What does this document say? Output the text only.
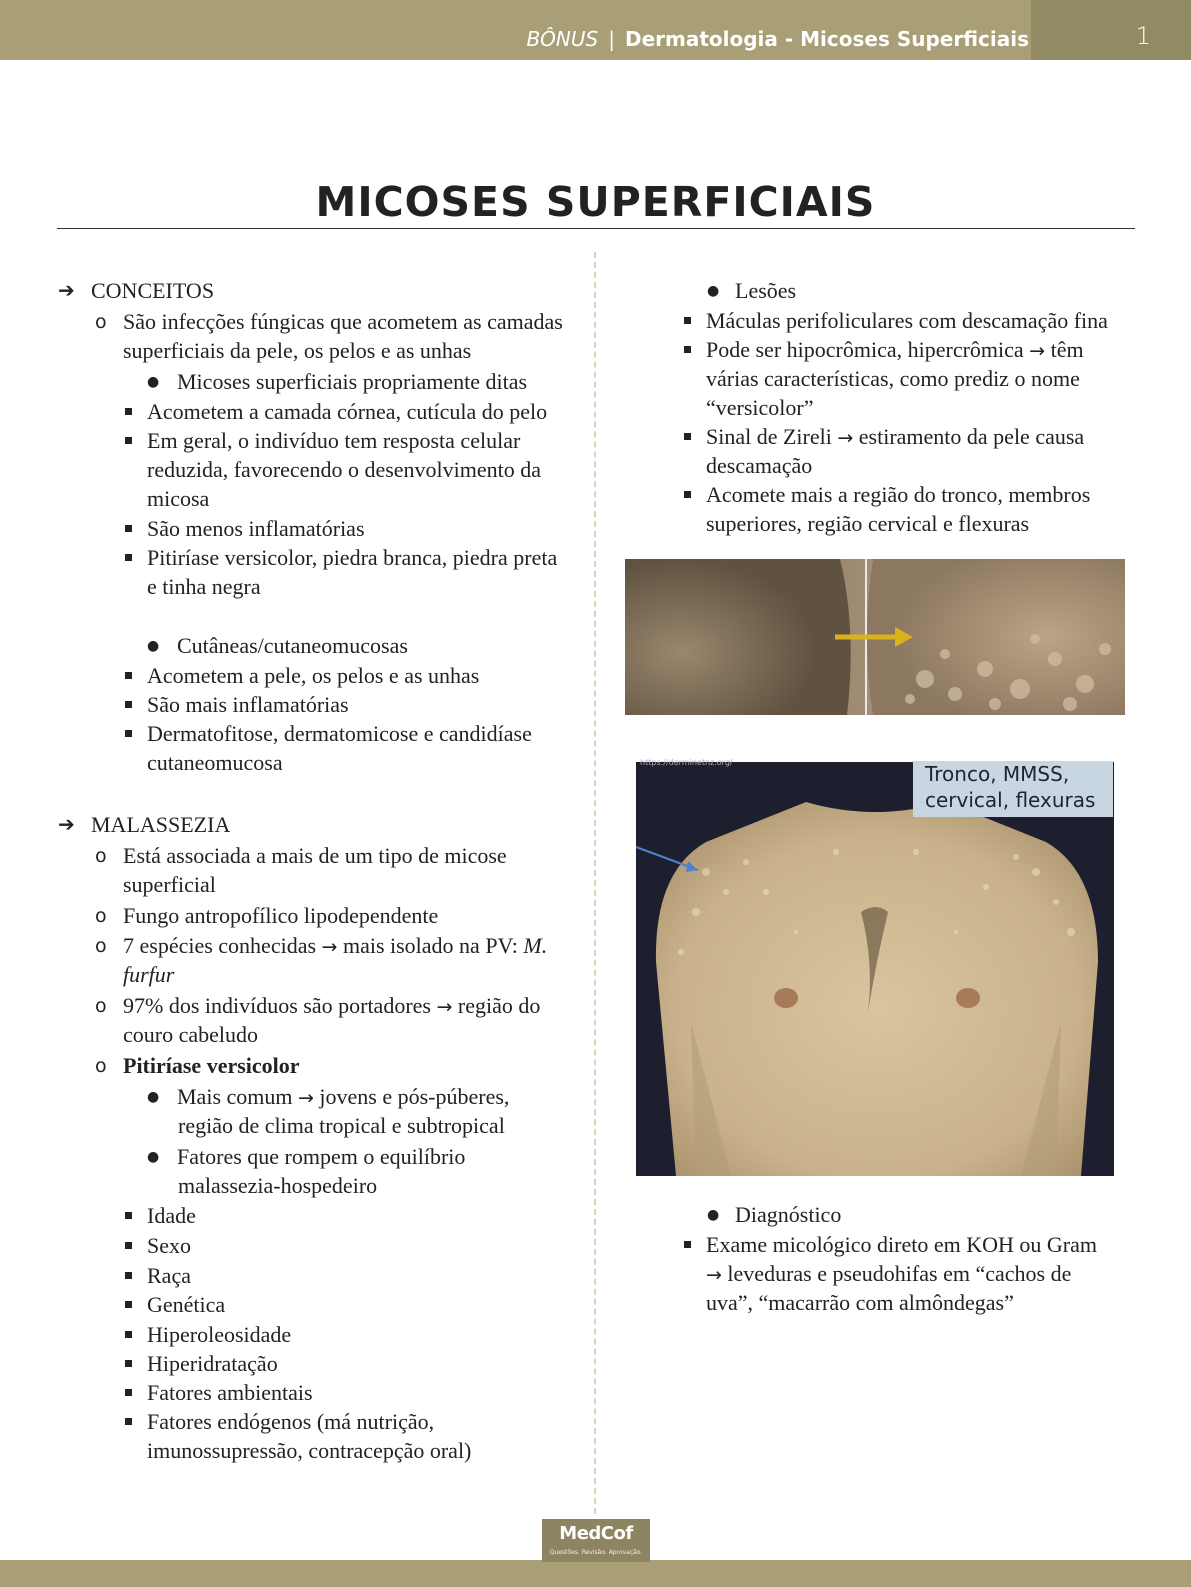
BÔNUS | Dermatologia - Micoses Superficiais	1
MICOSES SUPERFICIAIS
➔ CONCEITOS
o São infecções fúngicas que acometem as camadas
superficiais da pele, os pelos e as unhas
● Micoses superficiais propriamente ditas
Acometem a camada córnea, cutícula do pelo
Em geral, o indivíduo tem resposta celular
reduzida, favorecendo o desenvolvimento da
micosa
São menos inflamatórias
Pitiríase versicolor, piedra branca, piedra preta
e tinha negra
● Cutâneas/cutaneomucosas
Acometem a pele, os pelos e as unhas
São mais inflamatórias
Dermatofitose, dermatomicose e candidíase
cutaneomucosa
➔ MALASSEZIA
o Está associada a mais de um tipo de micose
superficial
o Fungo antropofílico lipodependente
o 7 espécies conhecidas → mais isolado na PV: M.
furfur
o 97% dos indivíduos são portadores → região do
couro cabeludo
o Pitiríase versicolor
● Mais comum → jovens e pós-púberes,
região de clima tropical e subtropical
● Fatores que rompem o equilíbrio
malassezia-hospedeiro
Idade
Sexo
Raça
Genética
Hiperoleosidade
Hiperidratação
Fatores ambientais
Fatores endógenos (má nutrição,
imunossupressão, contracepção oral)
● Lesões
Máculas perifoliculares com descamação fina
Pode ser hipocrômica, hipercrômica → têm
várias características, como prediz o nome
“versicolor”
Sinal de Zireli → estiramento da pele causa
descamação
Acomete mais a região do tronco, membros
superiores, região cervical e flexuras
https://derminetnz.org/	Tronco, MMSS,
cervical, flexuras
● Diagnóstico
Exame micológico direto em KOH ou Gram
→ leveduras e pseudohifas em “cachos de
uva”, “macarrão com almôndegas”
MedCof
Questões. Revisão. Aprovação.
